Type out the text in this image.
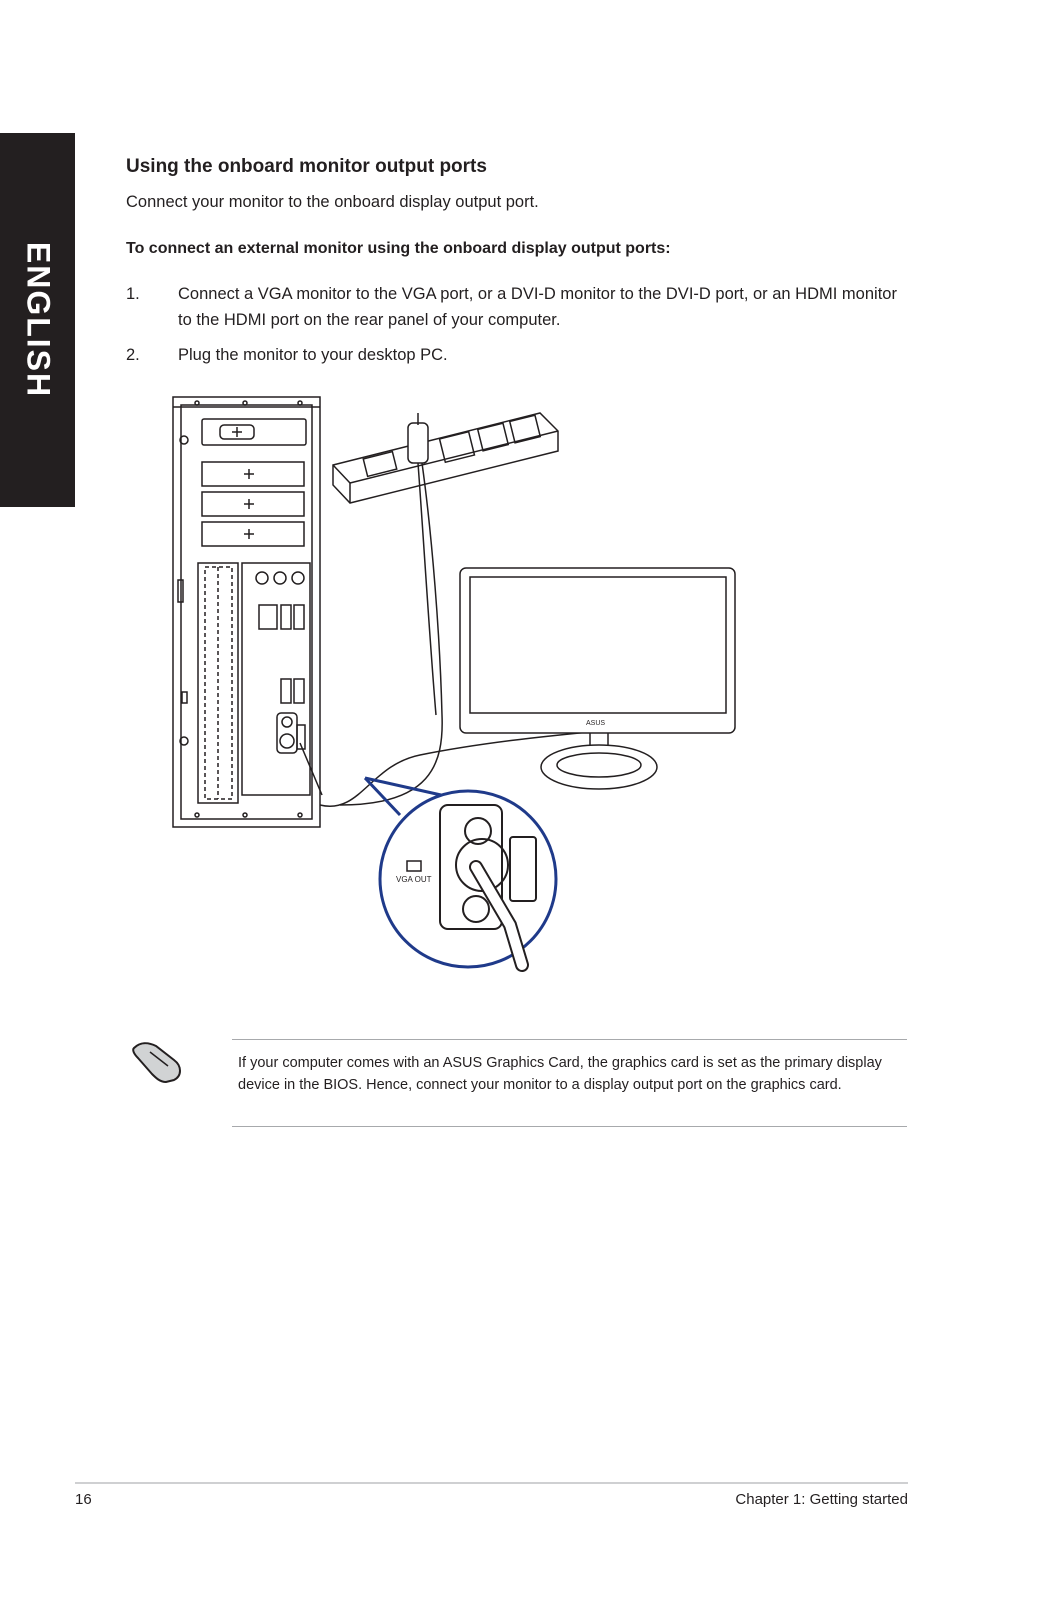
ENGLISH
Using the onboard monitor output ports

Connect your monitor to the onboard display output port.

To connect an external monitor using the onboard display output ports:

1. Connect a VGA monitor to the VGA port, or a DVI-D monitor to the DVI-D port, or an HDMI monitor to the HDMI port on the rear panel of your computer.
2. Plug the monitor to your desktop PC.
ASUS
VGA OUT
If your computer comes with an ASUS Graphics Card, the graphics card is set as the primary display device in the BIOS. Hence, connect your monitor to a display output port on the graphics card.
16	Chapter 1: Getting started
